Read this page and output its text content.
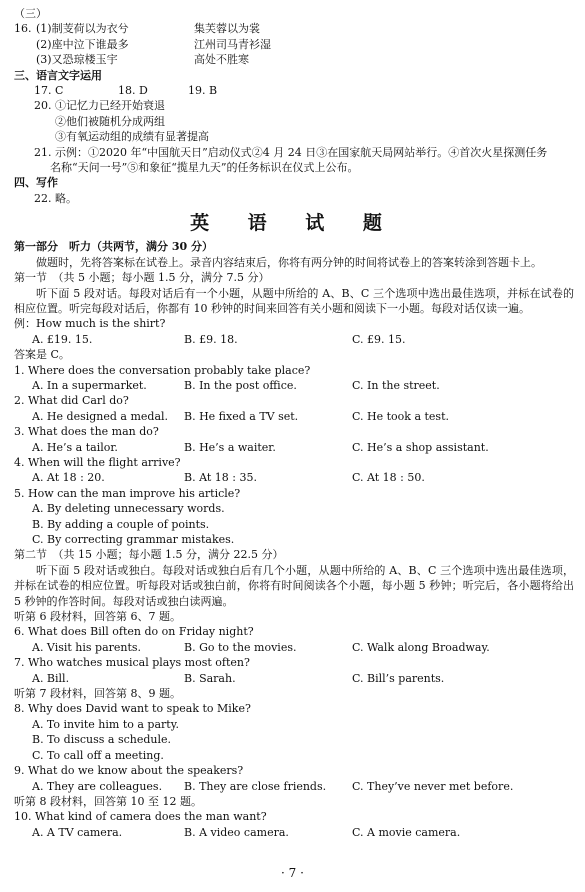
（三）
16. (1)制芰荷以为衣兮	集芙蓉以为裳
(2)座中泣下谁最多	江州司马青衫湿
(3)又恐琼楼玉宇	高处不胜寒
三、语言文字运用
17. C	18. D	19. B
20. ①记忆力已经开始衰退
②他们被随机分成两组
③有氧运动组的成绩有显著提高
21. 示例：①2020 年“中国航天日”启动仪式②4 月 24 日③在国家航天局网站举行。④首次火星探测任务
名称“天问一号”⑤和象征“揽星九天”的任务标识在仪式上公布。
四、写作
22. 略。
英 语 试 题
第一部分　听力（共两节，满分 30 分）
做题时，先将答案标在试卷上。录音内容结束后，你将有两分钟的时间将试卷上的答案转涂到答题卡上。
第一节　（共 5 小题；每小题 1.5 分，满分 7.5 分）
听下面 5 段对话。每段对话后有一个小题，从题中所给的 A、B、C 三个选项中选出最佳选项，并标在试卷的相应位置。听完每段对话后，你都有 10 秒钟的时间来回答有关小题和阅读下一小题。每段对话仅读一遍。
例：How much is the shirt?
A. £19. 15.	B. £9. 18.	C. £9. 15.
答案是 C。
1. Where does the conversation probably take place?
A. In a supermarket.	B. In the post office.	C. In the street.
2. What did Carl do?
A. He designed a medal.	B. He fixed a TV set.	C. He took a test.
3. What does the man do?
A. He’s a tailor.	B. He’s a waiter.	C. He’s a shop assistant.
4. When will the flight arrive?
A. At 18 : 20.	B. At 18 : 35.	C. At 18 : 50.
5. How can the man improve his article?
A. By deleting unnecessary words.
B. By adding a couple of points.
C. By correcting grammar mistakes.
第二节　（共 15 小题；每小题 1.5 分，满分 22.5 分）
听下面 5 段对话或独白。每段对话或独白后有几个小题，从题中所给的 A、B、C 三个选项中选出最佳选项，并标在试卷的相应位置。听每段对话或独白前，你将有时间阅读各个小题，每小题 5 秒钟；听完后，各小题将给出 5 秒钟的作答时间。每段对话或独白读两遍。
听第 6 段材料，回答第 6、7 题。
6. What does Bill often do on Friday night?
A. Visit his parents.	B. Go to the movies.	C. Walk along Broadway.
7. Who watches musical plays most often?
A. Bill.	B. Sarah.	C. Bill’s parents.
听第 7 段材料，回答第 8、9 题。
8. Why does David want to speak to Mike?
A. To invite him to a party.
B. To discuss a schedule.
C. To call off a meeting.
9. What do we know about the speakers?
A. They are colleagues.	B. They are close friends.	C. They’ve never met before.
听第 8 段材料，回答第 10 至 12 题。
10. What kind of camera does the man want?
A. A TV camera.	B. A video camera.	C. A movie camera.
· 7 ·
